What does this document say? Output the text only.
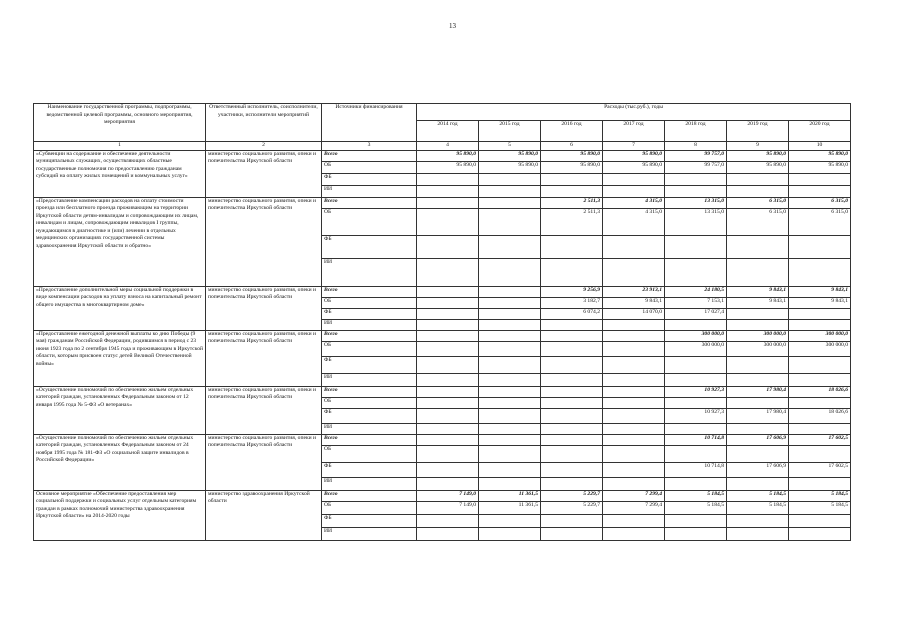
13
Наименование государственной программы, подпрограммы, ведомственной целевой программы, основного мероприятия, мероприятия	Ответственный исполнитель, соисполнители, участники, исполнители мероприятий	Источники финансирования	Расходы (тыс.руб.), годы						
			2014 год	2015 год	2016 год	2017 год	2018 год	2019 год	2020 год
1	2	3	4	5	6	7	8	9	10
«Субвенции на содержание и обеспечение деятельности муниципальных служащих, осуществляющих областные государственные полномочия по предоставлению гражданам субсидий на оплату жилых помещений и коммунальных услуг»	министерство социального развития, опеки и попечительства Иркутской области	Всего	95 890,0	95 890,0	95 890,0	95 890,0	99 757,0	95 890,0	95 890,0
		ОБ	95 890,0	95 890,0	95 890,0	95 890,0	99 757,0	95 890,0	95 890,0
		ФБ							
		ИИ							
«Предоставление компенсации расходов на оплату стоимости проезда или бесплатного проезда проживающим на территории Иркутской области детям-инвалидам и сопровождающим их лицам, инвалидам и лицам, сопровождающим инвалидов I группы, нуждающимся в диагностике и (или) лечении в отдельных медицинских организациях государственной системы здравоохранения Иркутской области и обратно»	министерство социального развития, опеки и попечительства Иркутской области	Всего			2 511,3	4 315,0	13 315,0	6 315,0	6 315,0
		ОБ			2 511,3	4 315,0	13 315,0	6 315,0	6 315,0
		ФБ							
		ИИ							
«Предоставление дополнительной меры социальной поддержки в виде компенсации расходов на уплату взноса на капитальный ремонт общего имущества в многоквартирном доме»	министерство социального развития, опеки и попечительства Иркутской области	Всего			9 256,9	23 913,1	24 180,5	9 843,1	9 843,1
		ОБ			3 182,7	9 843,1	7 153,1	9 843,1	9 843,1
		ФБ			6 074,2	14 070,0	17 027,4		
		ИИ							
«Предоставление ежегодной денежной выплаты ко дню Победы (9 мая) гражданам Российской Федерации, родившимся в период с 23 июня 1923 года по 2 сентября 1945 года и проживающим в Иркутской области, которым присвоен статус детей Великой Отечественной войны»	министерство социального развития, опеки и попечительства Иркутской области	Всего					300 000,0	300 000,0	300 000,0
		ОБ					300 000,0	300 000,0	300 000,0
		ФБ							
		ИИ							
«Осуществление полномочий по обеспечению жильем отдельных категорий граждан, установленных Федеральным законом от 12 января 1995 года № 5-ФЗ «О ветеранах»	министерство социального развития, опеки и попечительства Иркутской области	Всего					10 927,3	17 980,4	18 026,6
		ОБ							
		ФБ					10 927,3	17 980,4	18 026,6
		ИИ							
«Осуществление полномочий по обеспечению жильем отдельных категорий граждан, установленных Федеральным законом от 24 ноября 1995 года № 181-ФЗ «О социальной защите инвалидов в Российской Федерации»	министерство социального развития, опеки и попечительства Иркутской области	Всего					10 714,8	17 606,9	17 602,5
		ОБ							
		ФБ					10 714,8	17 606,9	17 602,5
		ИИ							
Основное мероприятие «Обеспечение предоставления мер социальной поддержки и социальных услуг отдельным категориям граждан в рамках полномочий министерства здравоохранения Иркутской области» на 2014-2020 годы	министерство здравоохранения Иркутской области	Всего	7 149,0	11 361,5	5 229,7	7 299,4	5 184,5	5 184,5	5 184,5
		ОБ	7 149,0	11 361,5	5 229,7	7 299,4	5 184,5	5 184,5	5 184,5
		ФБ							
		ИИ							
